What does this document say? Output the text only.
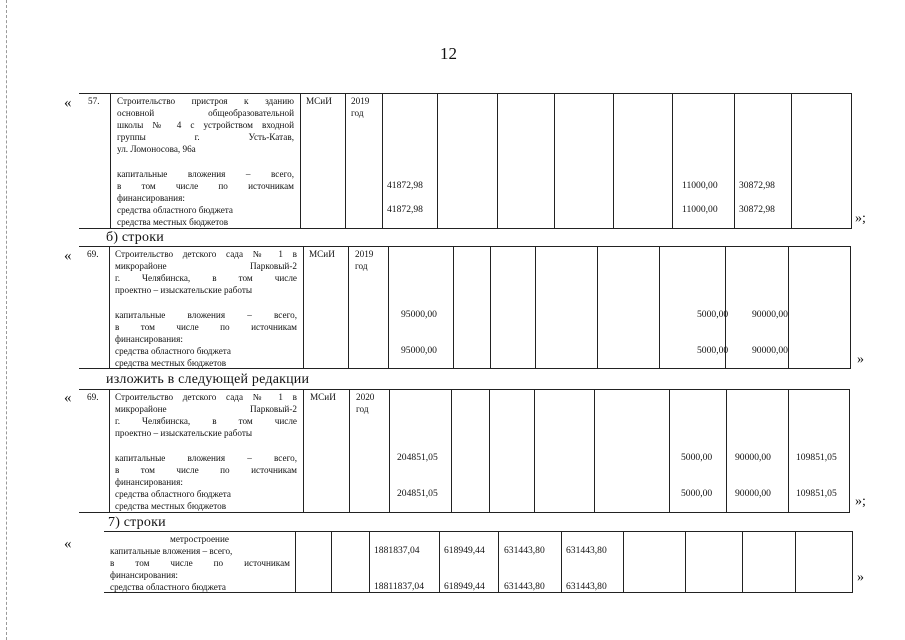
12
« 57. Строительство пристроя к зданию
основной общеобразовательной
школы № 4 с устройством входной
группы г. Усть-Катав,
ул. Ломоносова, 96а
МСиИ 2019
год
капитальные вложения – всего,
в том числе по источникам
финансирования:
средства областного бюджета
средства местных бюджетов
41872,98
41872,98
11000,00
11000,00
30872,98
30872,98
»;
б) строки
« 69. Строительство детского сада № 1 в
микрорайоне Парковый-2
г. Челябинска, в том числе
проектно – изыскательские работы
МСиИ 2019
год
капитальные вложения – всего,
в том числе по источникам
финансирования:
средства областного бюджета
средства местных бюджетов
95000,00
95000,00
5000,00
5000,00
90000,00
90000,00
»
изложить в следующей редакции
« 69. Строительство детского сада № 1 в
микрорайоне Парковый-2
г. Челябинска, в том числе
проектно – изыскательские работы
МСиИ 2020
год
капитальные вложения – всего,
в том числе по источникам
финансирования:
средства областного бюджета
средства местных бюджетов
204851,05
204851,05
5000,00
5000,00
90000,00
90000,00
109851,05
109851,05
»;
7) строки
«	метростроение
капитальные вложения – всего,
в том числе по источникам
финансирования:
средства областного бюджета
1881837,04	618949,44 631443,80 631443,80
18811837,04 618949,44 631443,80 631443,80
»
